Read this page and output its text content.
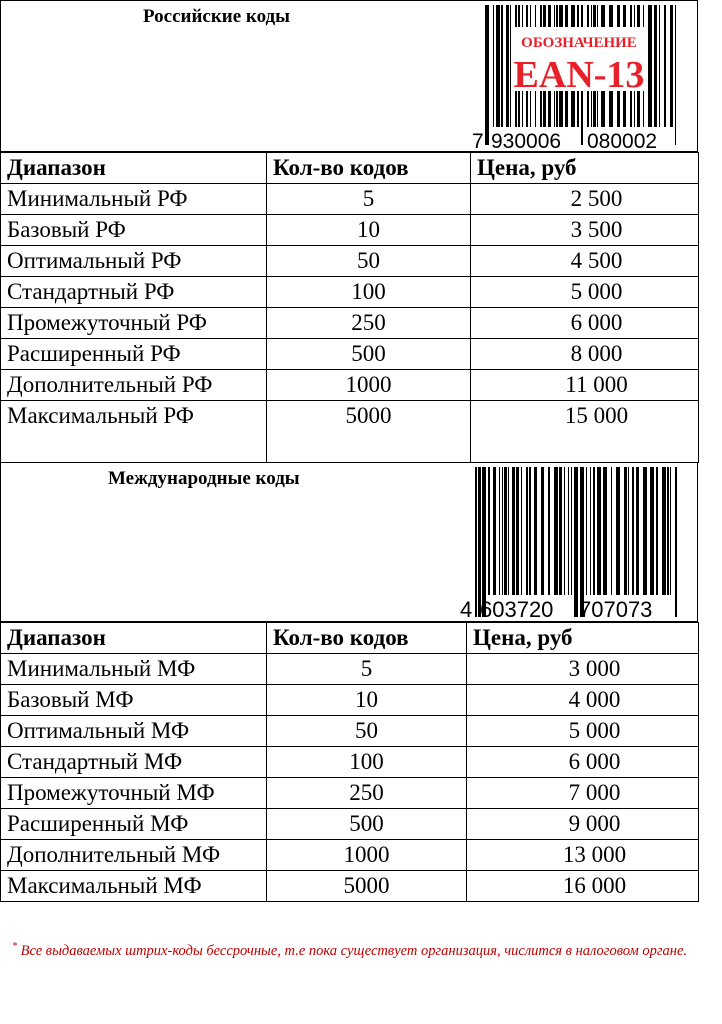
Российские коды
ОБОЗНАЧЕНИЕ
EAN-13
7 930006 080002
Диапазон	Кол-во кодов	Цена, руб
Минимальный РФ	5	2 500
Базовый РФ	10	3 500
Оптимальный РФ	50	4 500
Стандартный РФ	100	5 000
Промежуточный РФ	250	6 000
Расширенный РФ	500	8 000
Дополнительный РФ	1000	11 000
Максимальный РФ	5000	15 000
Международные коды
4 603720 707073
Диапазон	Кол-во кодов	Цена, руб
Минимальный МФ	5	3 000
Базовый МФ	10	4 000
Оптимальный МФ	50	5 000
Стандартный МФ	100	6 000
Промежуточный МФ	250	7 000
Расширенный МФ	500	9 000
Дополнительный МФ	1000	13 000
Максимальный МФ	5000	16 000
* Все выдаваемых штрих-коды бессрочные, т.е пока существует организация, числится в налоговом органе.
